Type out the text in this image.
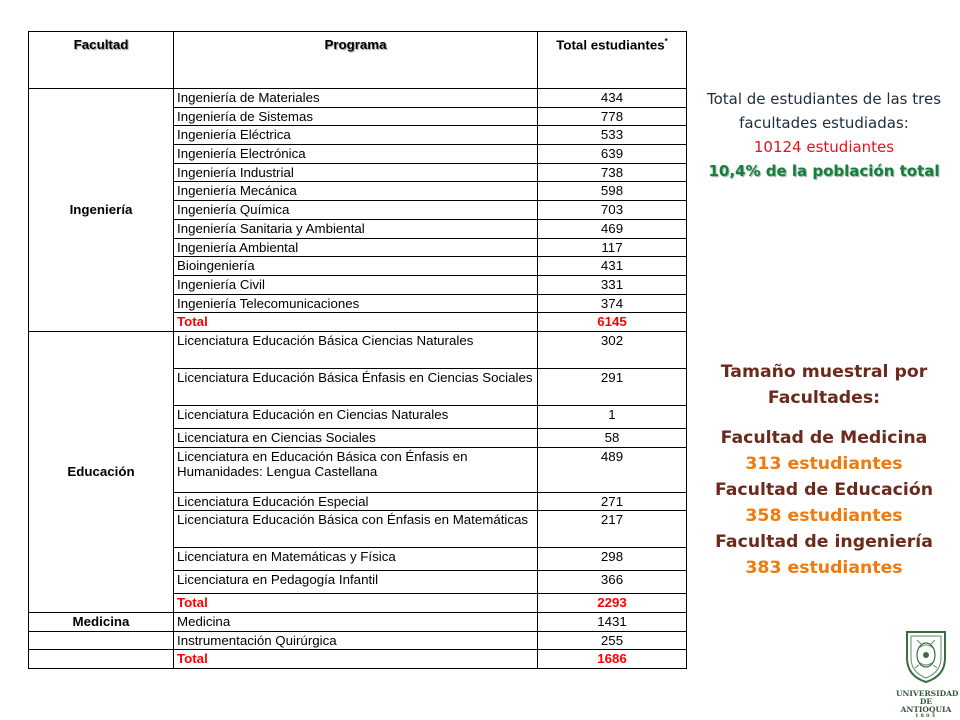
Facultad	Programa	Total estudiantes*
Ingeniería	Ingeniería de Materiales	434
	Ingeniería de Sistemas	778
	Ingeniería Eléctrica	533
	Ingeniería Electrónica	639
	Ingeniería Industrial	738
	Ingeniería Mecánica	598
	Ingeniería Química	703
	Ingeniería Sanitaria y Ambiental	469
	Ingeniería Ambiental	117
	Bioingeniería	431
	Ingeniería Civil	331
	Ingeniería Telecomunicaciones	374
	Total	6145
Educación	Licenciatura Educación Básica Ciencias Naturales	302
	Licenciatura Educación Básica Énfasis en Ciencias Sociales	291
	Licenciatura Educación en Ciencias Naturales	1
	Licenciatura en Ciencias Sociales	58
	Licenciatura en Educación Básica con Énfasis en Humanidades: Lengua Castellana	489
	Licenciatura Educación Especial	271
	Licenciatura Educación Básica con Énfasis en Matemáticas	217
	Licenciatura en Matemáticas y Física	298
	Licenciatura en Pedagogía Infantil	366
	Total	2293
Medicina	Medicina	1431
	Instrumentación Quirúrgica	255
	Total	1686
Total de estudiantes de las tres facultades estudiadas:
10124 estudiantes
10,4% de la población total
Tamaño muestral por Facultades:
Facultad de Medicina
313 estudiantes
Facultad de Educación
358 estudiantes
Facultad de ingeniería
383 estudiantes
UNIVERSIDAD
DE ANTIOQUIA
1803
